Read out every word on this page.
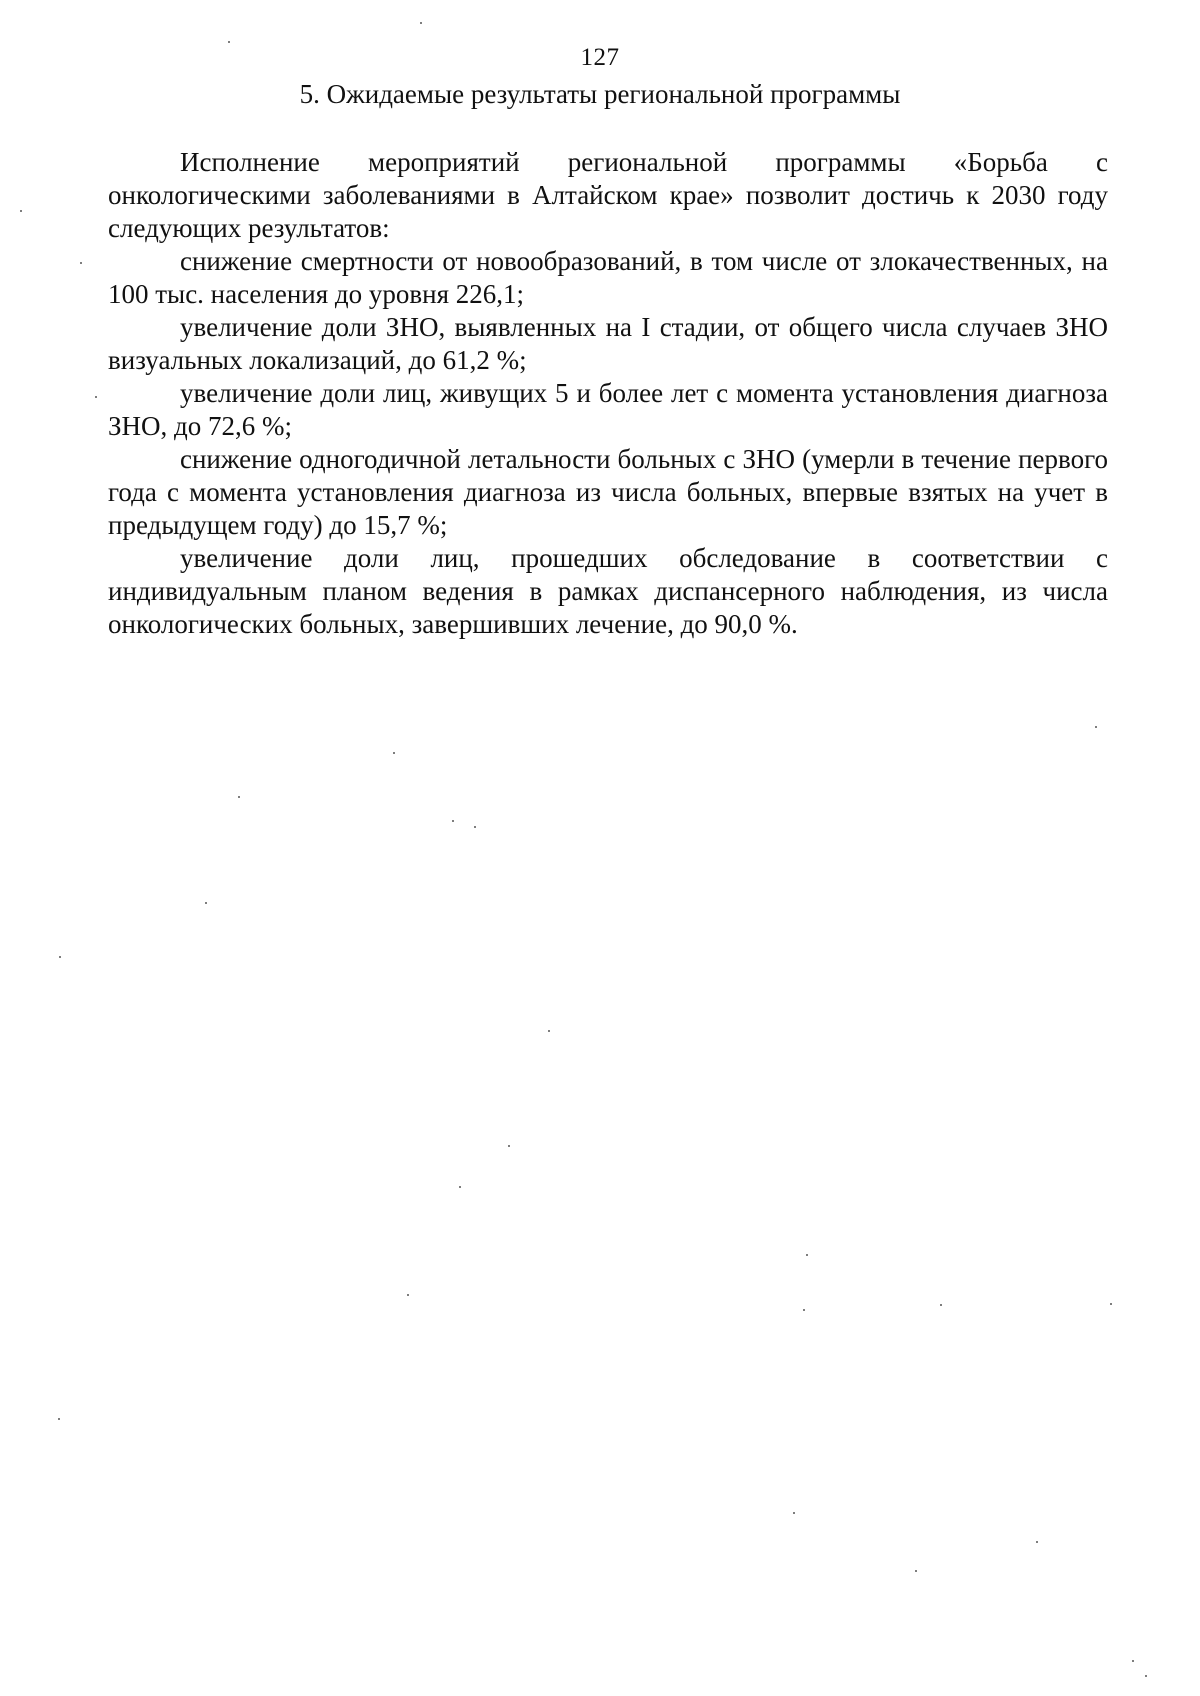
127
5. Ожидаемые результаты региональной программы

Исполнение мероприятий региональной программы «Борьба с онкологическими заболеваниями в Алтайском крае» позволит достичь к 2030 году следующих результатов:

снижение смертности от новообразований, в том числе от злокачественных, на 100 тыс. населения до уровня 226,1;

увеличение доли ЗНО, выявленных на I стадии, от общего числа случаев ЗНО визуальных локализаций, до 61,2 %;

увеличение доли лиц, живущих 5 и более лет с момента установления диагноза ЗНО, до 72,6 %;

снижение одногодичной летальности больных с ЗНО (умерли в течение первого года с момента установления диагноза из числа больных, впервые взятых на учет в предыдущем году) до 15,7 %;

увеличение доли лиц, прошедших обследование в соответствии с индивидуальным планом ведения в рамках диспансерного наблюдения, из числа онкологических больных, завершивших лечение, до 90,0 %.
